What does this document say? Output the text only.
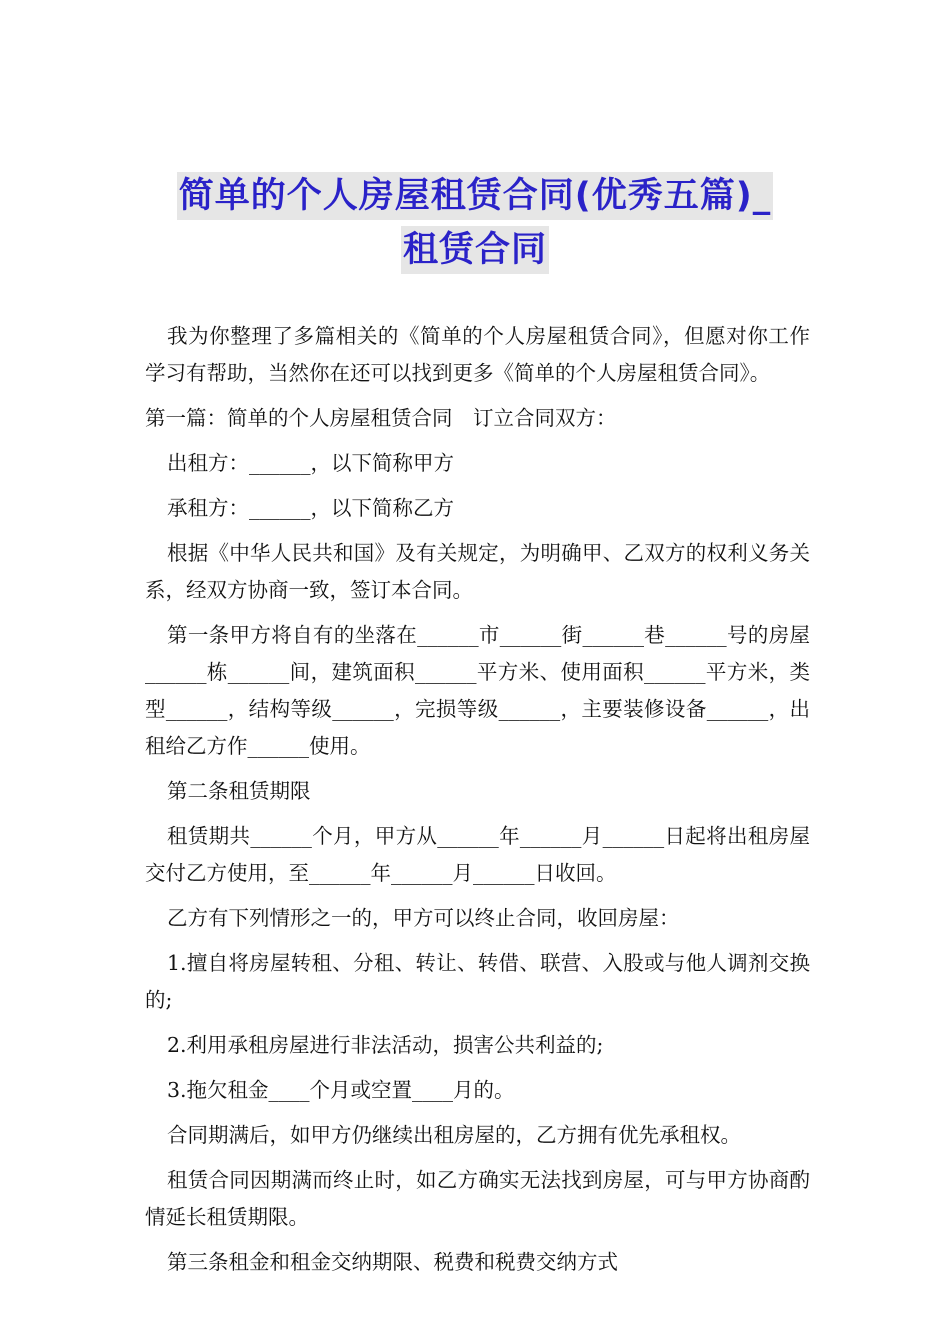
简单的个人房屋租赁合同(优秀五篇)_
租赁合同

我为你整理了多篇相关的《简单的个人房屋租赁合同》，但愿对你工作学习有帮助，当然你在还可以找到更多《简单的个人房屋租赁合同》。

第一篇：简单的个人房屋租赁合同　订立合同双方：

出租方：______，以下简称甲方

承租方：______，以下简称乙方

根据《中华人民共和国》及有关规定，为明确甲、乙双方的权利义务关系，经双方协商一致，签订本合同。

第一条甲方将自有的坐落在______市______街______巷______号的房屋______栋______间，建筑面积______平方米、使用面积______平方米，类型______，结构等级______，完损等级______，主要装修设备______，出租给乙方作______使用。

第二条租赁期限

租赁期共______个月，甲方从______年______月______日起将出租房屋交付乙方使用，至______年______月______日收回。

乙方有下列情形之一的，甲方可以终止合同，收回房屋：

1.擅自将房屋转租、分租、转让、转借、联营、入股或与他人调剂交换的;

2.利用承租房屋进行非法活动，损害公共利益的;

3.拖欠租金____个月或空置____月的。

合同期满后，如甲方仍继续出租房屋的，乙方拥有优先承租权。

租赁合同因期满而终止时，如乙方确实无法找到房屋，可与甲方协商酌情延长租赁期限。

第三条租金和租金交纳期限、税费和税费交纳方式
